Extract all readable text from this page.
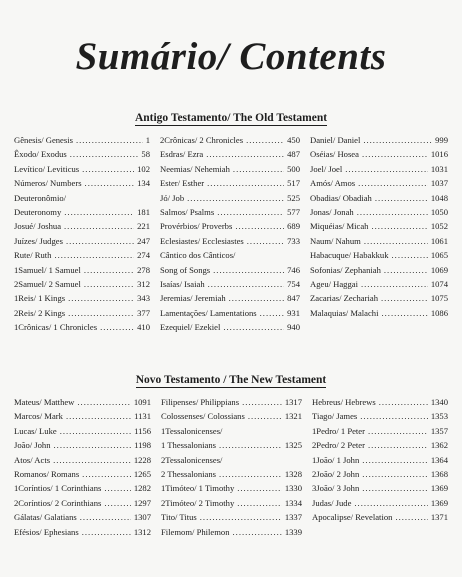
Sumário/ Contents
Antigo Testamento/ The Old Testament
Gênesis/ Genesis .....	1
Êxodo/ Exodus .....	58
Levítico/ Leviticus .....	102
Números/ Numbers .....	134
Deuteronômio/
Deuteronomy .....	181
Josué/ Joshua .....	221
Juízes/ Judges .....	247
Rute/ Ruth .....	274
1Samuel/ 1 Samuel .....	278
2Samuel/ 2 Samuel .....	312
1Reis/ 1 Kings .....	343
2Reis/ 2 Kings .....	377
1Crônicas/ 1 Chronicles .....	410
2Crônicas/ 2 Chronicles .....	450
Esdras/ Ezra .....	487
Neemias/ Nehemiah .....	500
Ester/ Esther .....	517
Jó/ Job .....	525
Salmos/ Psalms .....	577
Provérbios/ Proverbs .....	689
Eclesiastes/ Ecclesiastes .....	733
Cântico dos Cânticos/
Song of Songs .....	746
Isaías/ Isaiah .....	754
Jeremias/ Jeremiah .....	847
Lamentações/ Lamentations .....	931
Ezequiel/ Ezekiel .....	940
Daniel/ Daniel .....	999
Oséias/ Hosea .....	1016
Joel/ Joel .....	1031
Amós/ Amos .....	1037
Obadias/ Obadiah .....	1048
Jonas/ Jonah .....	1050
Miquéias/ Micah .....	1052
Naum/ Nahum .....	1061
Habacuque/ Habakkuk .....	1065
Sofonias/ Zephaniah .....	1069
Ageu/ Haggai .....	1074
Zacarias/ Zechariah .....	1075
Malaquias/ Malachi .....	1086
Novo Testamento / The New Testament
Mateus/ Matthew .....	1091
Marcos/ Mark .....	1131
Lucas/ Luke .....	1156
João/ John .....	1198
Atos/ Acts .....	1228
Romanos/ Romans .....	1265
1Coríntios/ 1 Corinthians .....	1282
2Coríntios/ 2 Corinthians .....	1297
Gálatas/ Galatians .....	1307
Efésios/ Ephesians .....	1312
Filipenses/ Philippians .....	1317
Colossenses/ Colossians .....	1321
1Tessalonicenses/
1 Thessalonians .....	1325
2Tessalonicenses/
2 Thessalonians .....	1328
1Timóteo/ 1 Timothy .....	1330
2Timóteo/ 2 Timothy .....	1334
Tito/ Titus .....	1337
Filemom/ Philemon .....	1339
Hebreus/ Hebrews .....	1340
Tiago/ James .....	1353
1Pedro/ 1 Peter .....	1357
2Pedro/ 2 Peter .....	1362
1João/ 1 John .....	1364
2João/ 2 John .....	1368
3João/ 3 John .....	1369
Judas/ Jude .....	1369
Apocalipse/ Revelation .....	1371
